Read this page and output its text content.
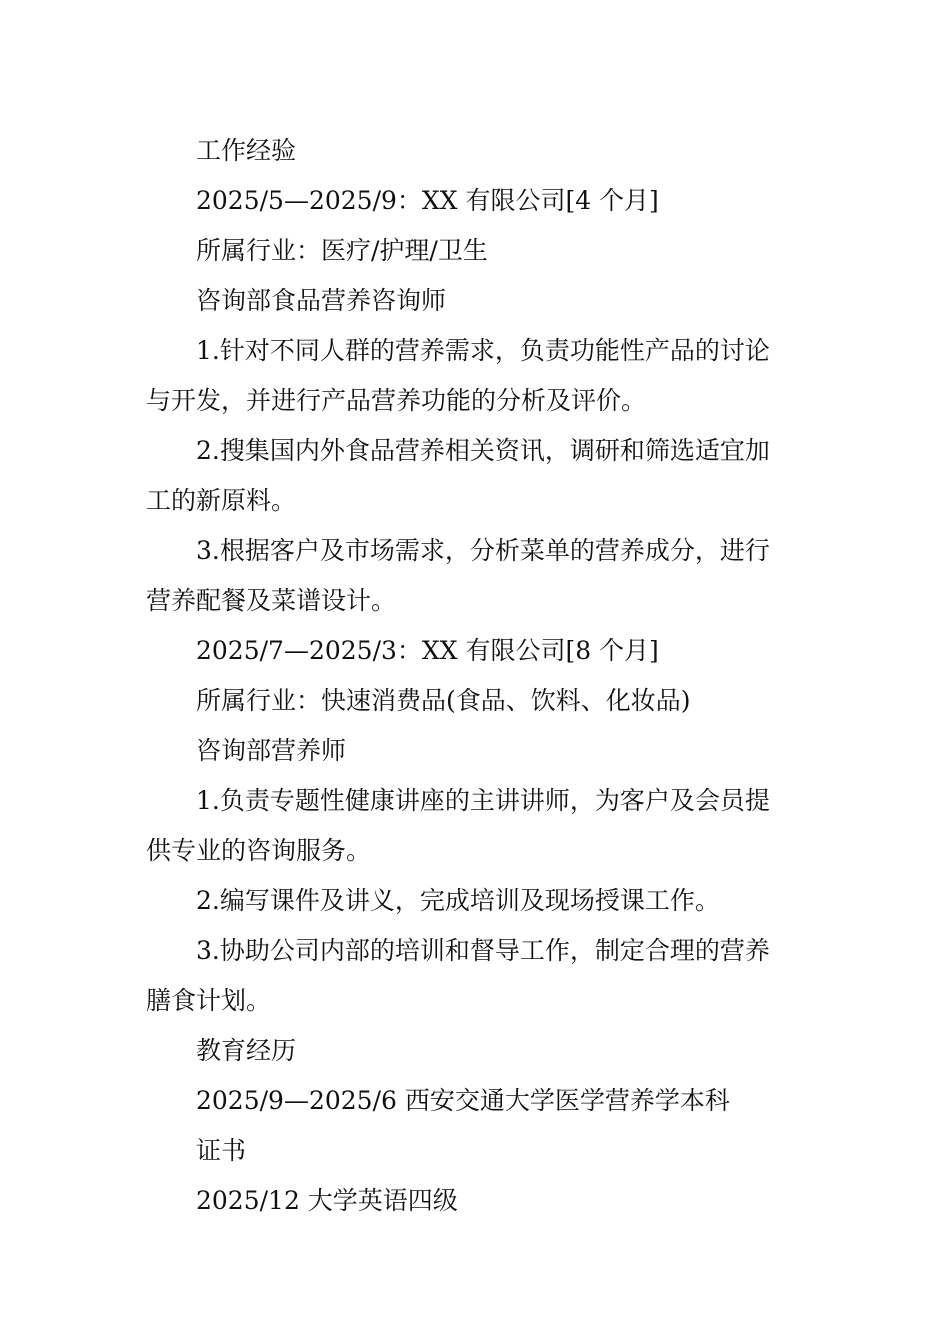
工作经验
2025/5—2025/9：XX 有限公司[4 个月]
所属行业：医疗/护理/卫生
咨询部食品营养咨询师
1.针对不同人群的营养需求，负责功能性产品的讨论
与开发，并进行产品营养功能的分析及评价。
2.搜集国内外食品营养相关资讯，调研和筛选适宜加
工的新原料。
3.根据客户及市场需求，分析菜单的营养成分，进行
营养配餐及菜谱设计。
2025/7—2025/3：XX 有限公司[8 个月]
所属行业：快速消费品(食品、饮料、化妆品)
咨询部营养师
1.负责专题性健康讲座的主讲讲师，为客户及会员提
供专业的咨询服务。
2.编写课件及讲义，完成培训及现场授课工作。
3.协助公司内部的培训和督导工作，制定合理的营养
膳食计划。
教育经历
2025/9—2025/6 西安交通大学医学营养学本科
证书
2025/12 大学英语四级
